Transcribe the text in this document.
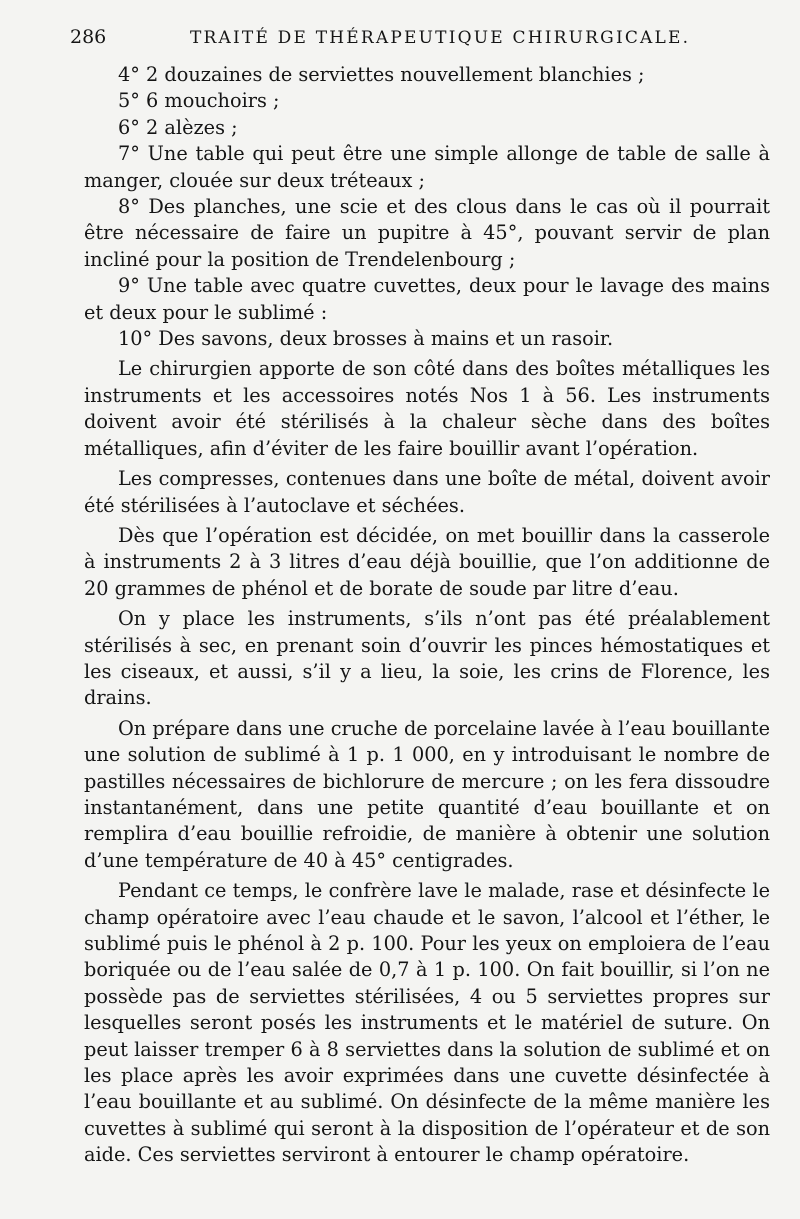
286	TRAITÉ DE THÉRAPEUTIQUE CHIRURGICALE.

4° 2 douzaines de serviettes nouvellement blanchies ;

5° 6 mouchoirs ;

6° 2 alèzes ;

7° Une table qui peut être une simple allonge de table de salle à manger, clouée sur deux tréteaux ;

8° Des planches, une scie et des clous dans le cas où il pourrait être nécessaire de faire un pupitre à 45°, pouvant servir de plan incliné pour la position de Trendelenbourg ;

9° Une table avec quatre cuvettes, deux pour le lavage des mains et deux pour le sublimé :

10° Des savons, deux brosses à mains et un rasoir.

Le chirurgien apporte de son côté dans des boîtes métalliques les instruments et les accessoires notés Nos 1 à 56. Les instruments doivent avoir été stérilisés à la chaleur sèche dans des boîtes métalliques, afin d’éviter de les faire bouillir avant l’opération.

Les compresses, contenues dans une boîte de métal, doivent avoir été stérilisées à l’autoclave et séchées.

Dès que l’opération est décidée, on met bouillir dans la casserole à instruments 2 à 3 litres d’eau déjà bouillie, que l’on additionne de 20 grammes de phénol et de borate de soude par litre d’eau.

On y place les instruments, s’ils n’ont pas été préalablement stérilisés à sec, en prenant soin d’ouvrir les pinces hémostatiques et les ciseaux, et aussi, s’il y a lieu, la soie, les crins de Florence, les drains.

On prépare dans une cruche de porcelaine lavée à l’eau bouillante une solution de sublimé à 1 p. 1 000, en y introduisant le nombre de pastilles nécessaires de bichlorure de mercure ; on les fera dissoudre instantanément, dans une petite quantité d’eau bouillante et on remplira d’eau bouillie refroidie, de manière à obtenir une solution d’une température de 40 à 45° centigrades.

Pendant ce temps, le confrère lave le malade, rase et désinfecte le champ opératoire avec l’eau chaude et le savon, l’alcool et l’éther, le sublimé puis le phénol à 2 p. 100. Pour les yeux on emploiera de l’eau boriquée ou de l’eau salée de 0,7 à 1 p. 100. On fait bouillir, si l’on ne possède pas de serviettes stérilisées, 4 ou 5 serviettes propres sur lesquelles seront posés les instruments et le matériel de suture. On peut laisser tremper 6 à 8 serviettes dans la solution de sublimé et on les place après les avoir exprimées dans une cuvette désinfectée à l’eau bouillante et au sublimé. On désinfecte de la même manière les cuvettes à sublimé qui seront à la disposition de l’opérateur et de son aide. Ces serviettes serviront à entourer le champ opératoire.
